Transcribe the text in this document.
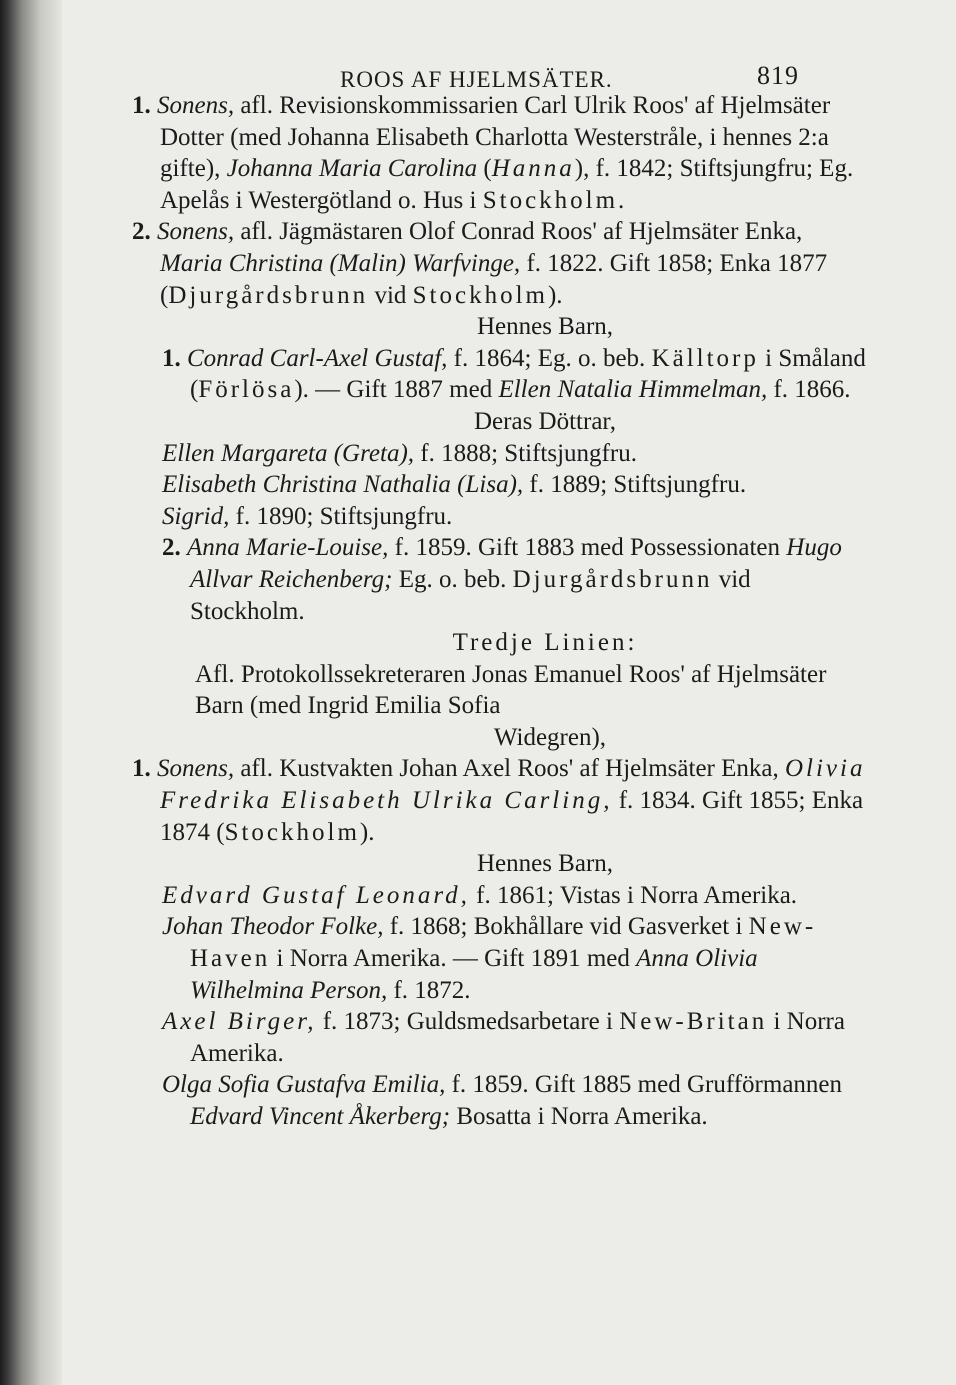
ROOS AF HJELMSÄTER.	819

1. Sonens, afl. Revisionskommissarien Carl Ulrik Roos' af Hjelmsäter Dotter (med Johanna Elisabeth Charlotta Westerstråle, i hennes 2:a gifte), Johanna Maria Carolina (Hanna), f. 1842; Stiftsjungfru; Eg. Apelås i Westergötland o. Hus i Stockholm.

2. Sonens, afl. Jägmästaren Olof Conrad Roos' af Hjelmsäter Enka, Maria Christina (Malin) Warfvinge, f. 1822. Gift 1858; Enka 1877 (Djurgårdsbrunn vid Stockholm).

Hennes Barn,

1. Conrad Carl-Axel Gustaf, f. 1864; Eg. o. beb. Källtorp i Småland (Förlösa). — Gift 1887 med Ellen Natalia Himmelman, f. 1866.

Deras Döttrar,

Ellen Margareta (Greta), f. 1888; Stiftsjungfru.

Elisabeth Christina Nathalia (Lisa), f. 1889; Stiftsjungfru.

Sigrid, f. 1890; Stiftsjungfru.

2. Anna Marie-Louise, f. 1859. Gift 1883 med Possessionaten Hugo Allvar Reichenberg; Eg. o. beb. Djurgårdsbrunn vid Stockholm.

Tredje Linien:

Afl. Protokollssekreteraren Jonas Emanuel Roos' af Hjelmsäter Barn (med Ingrid Emilia Sofia

Widegren),

1. Sonens, afl. Kustvakten Johan Axel Roos' af Hjelmsäter Enka, Olivia Fredrika Elisabeth Ulrika Carling, f. 1834. Gift 1855; Enka 1874 (Stockholm).

Hennes Barn,

Edvard Gustaf Leonard, f. 1861; Vistas i Norra Amerika.

Johan Theodor Folke, f. 1868; Bokhållare vid Gasverket i New-Haven i Norra Amerika. — Gift 1891 med Anna Olivia Wilhelmina Person, f. 1872.

Axel Birger, f. 1873; Guldsmedsarbetare i New-Britan i Norra Amerika.

Olga Sofia Gustafva Emilia, f. 1859. Gift 1885 med Grufförmannen Edvard Vincent Åkerberg; Bosatta i Norra Amerika.
